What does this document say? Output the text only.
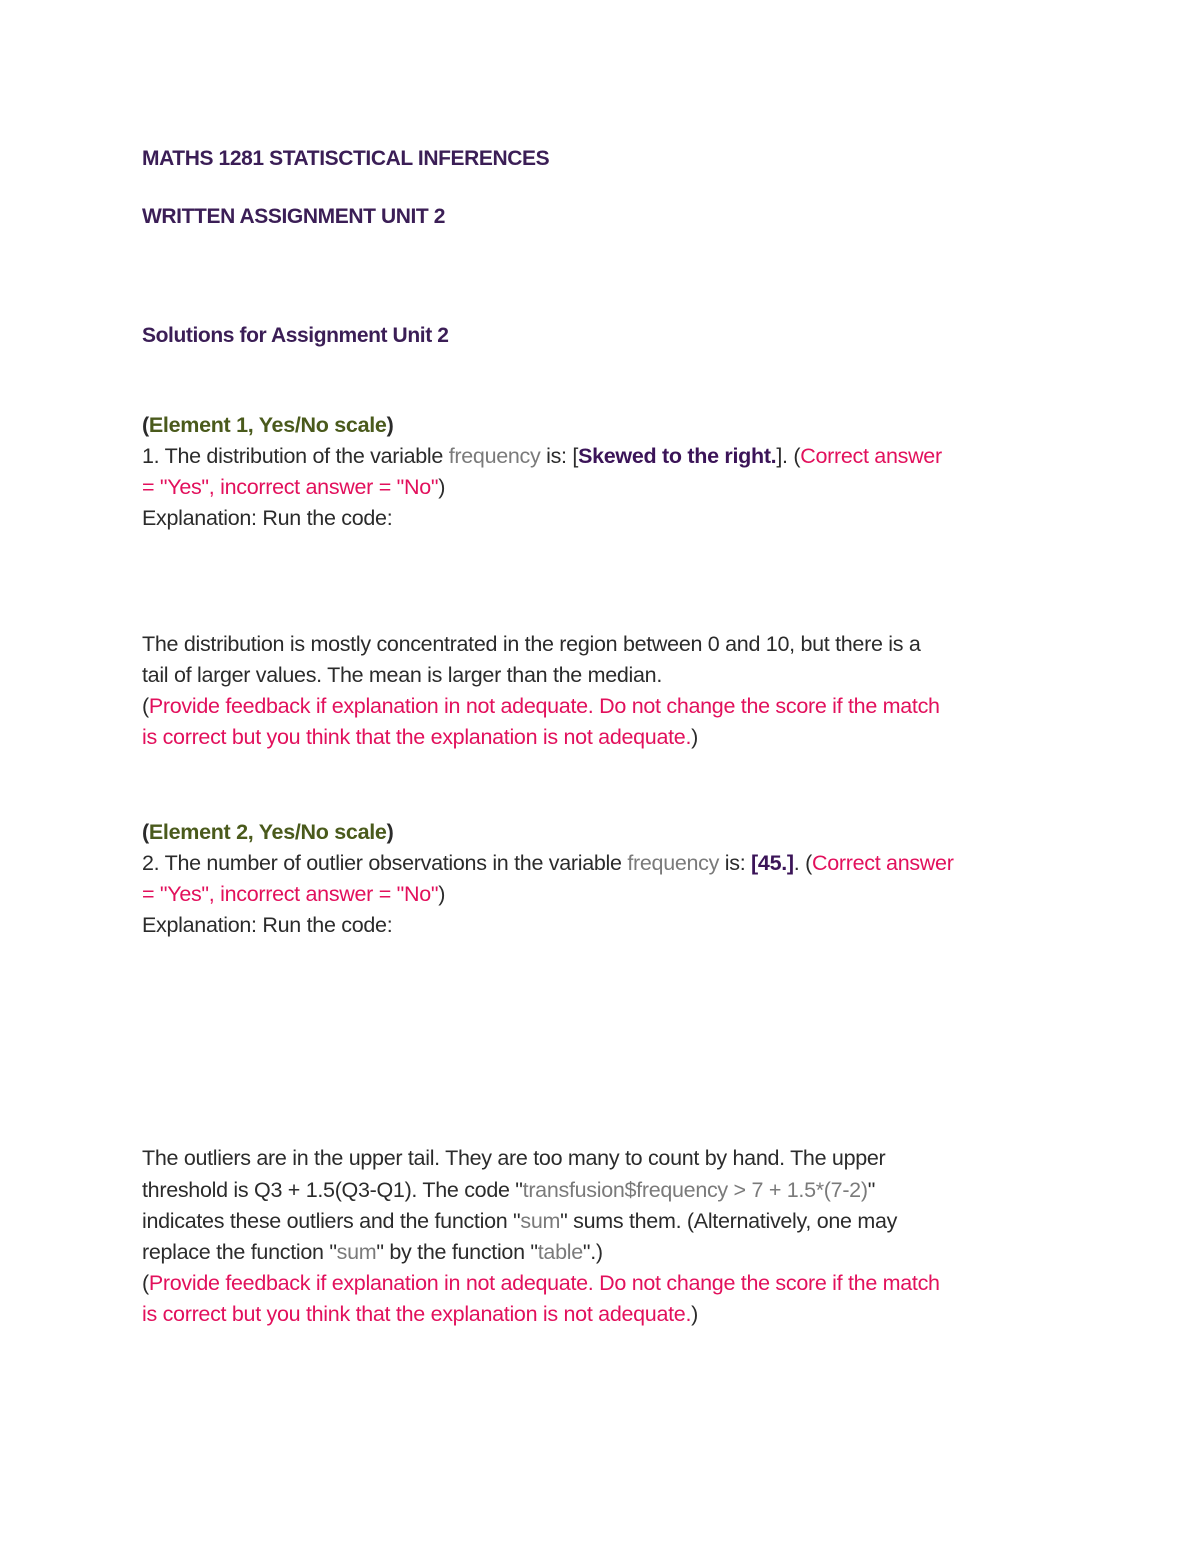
MATHS 1281 STATISCTICAL INFERENCES
WRITTEN ASSIGNMENT UNIT 2
Solutions for Assignment Unit 2
(Element 1, Yes/No scale)
1. The distribution of the variable frequency is: [Skewed to the right.]. (Correct answer
= "Yes", incorrect answer = "No")
Explanation: Run the code:
The distribution is mostly concentrated in the region between 0 and 10, but there is a
tail of larger values. The mean is larger than the median.
(Provide feedback if explanation in not adequate. Do not change the score if the match
is correct but you think that the explanation is not adequate.)
(Element 2, Yes/No scale)
2. The number of outlier observations in the variable frequency is: [45.]. (Correct answer
= "Yes", incorrect answer = "No")
Explanation: Run the code:
The outliers are in the upper tail. They are too many to count by hand. The upper
threshold is Q3 + 1.5(Q3-Q1). The code "transfusion$frequency > 7 + 1.5*(7-2)"
indicates these outliers and the function "sum" sums them. (Alternatively, one may
replace the function "sum" by the function "table".)
(Provide feedback if explanation in not adequate. Do not change the score if the match
is correct but you think that the explanation is not adequate.)
